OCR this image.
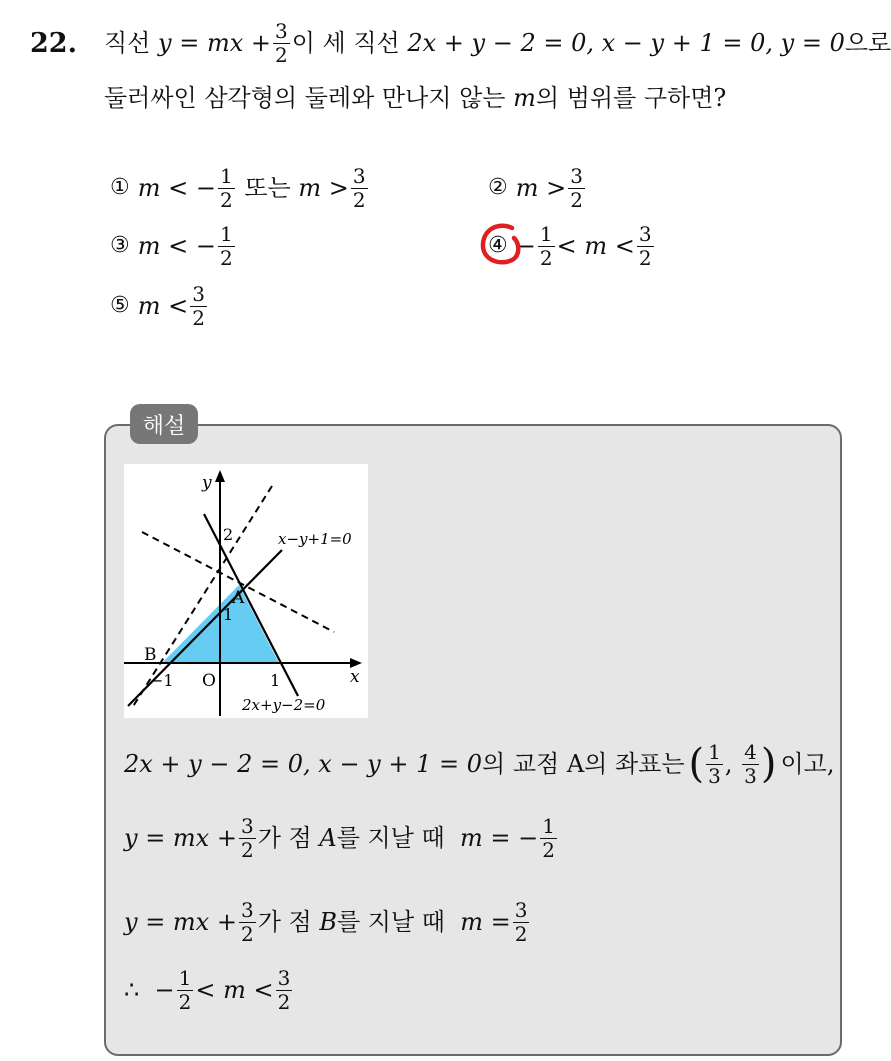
22. 직선
y = mx + $\frac{3}{2}$ 이 세 직선
2x + y − 2 = 0,
x − y + 1 = 0,
y = 0 으로
둘러싸인 삼각형의 둘레와 만나지 않는 m의 범위를 구하면?
① m < − $\frac{1}{2}$ 또는 $m > \frac{3}{2}$	② $m > \frac{3}{2}$
③ m < − $\frac{1}{2}$	④ − $\frac{1}{2} < m < \frac{3}{2}$
⑤ $m < \frac{3}{2}$
해설
y
x
O
2
1
1
−1
A
B
x−y+1=0
2x+y−2=0
2x + y − 2 = 0,
x − y + 1 = 0 의 교점 A의 좌표는 ( $\frac{1}{3}$ , $\frac{4}{3}$ ) 이고,
y = mx + $\frac{3}{2}$ 가 점
A 를 지날 때
m = − $\frac{1}{2}$
y = mx + $\frac{3}{2}$ 가 점
B 를 지날 때
$m = \frac{3}{2}$
∴
− $\frac{1}{2} < m < \frac{3}{2}$
